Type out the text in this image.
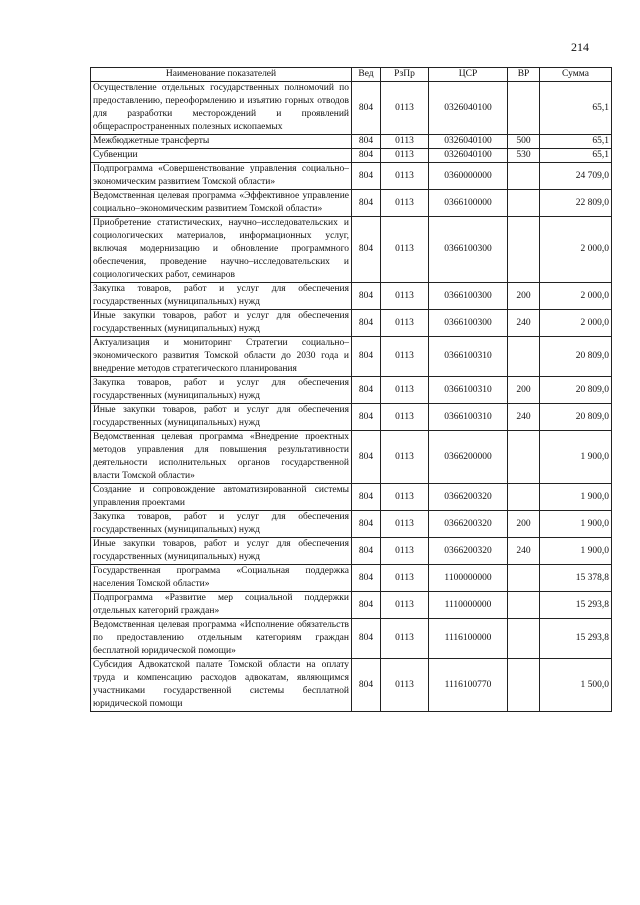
214
Наименование показателей	Вед	РзПр	ЦСР	ВР	Сумма
Осуществление отдельных государственных полномочий по предоставлению, переоформлению и изъятию горных отводов для разработки месторождений и проявлений общераспространенных полезных ископаемых	804	0113	0326040100		65,1
Межбюджетные трансферты	804	0113	0326040100	500	65,1
Субвенции	804	0113	0326040100	530	65,1
Подпрограмма «Совершенствование управления социально–экономическим развитием Томской области»	804	0113	0360000000		24 709,0
Ведомственная целевая программа «Эффективное управление социально–экономическим развитием Томской области»	804	0113	0366100000		22 809,0
Приобретение статистических, научно–исследовательских и социологических материалов, информационных услуг, включая модернизацию и обновление программного обеспечения, проведение научно–исследовательских и социологических работ, семинаров	804	0113	0366100300		2 000,0
Закупка товаров, работ и услуг для обеспечения государственных (муниципальных) нужд	804	0113	0366100300	200	2 000,0
Иные закупки товаров, работ и услуг для обеспечения государственных (муниципальных) нужд	804	0113	0366100300	240	2 000,0
Актуализация и мониторинг Стратегии социально–экономического развития Томской области до 2030 года и внедрение методов стратегического планирования	804	0113	0366100310		20 809,0
Закупка товаров, работ и услуг для обеспечения государственных (муниципальных) нужд	804	0113	0366100310	200	20 809,0
Иные закупки товаров, работ и услуг для обеспечения государственных (муниципальных) нужд	804	0113	0366100310	240	20 809,0
Ведомственная целевая программа «Внедрение проектных методов управления для повышения результативности деятельности исполнительных органов государственной власти Томской области»	804	0113	0366200000		1 900,0
Создание и сопровождение автоматизированной системы управления проектами	804	0113	0366200320		1 900,0
Закупка товаров, работ и услуг для обеспечения государственных (муниципальных) нужд	804	0113	0366200320	200	1 900,0
Иные закупки товаров, работ и услуг для обеспечения государственных (муниципальных) нужд	804	0113	0366200320	240	1 900,0
Государственная программа «Социальная поддержка населения Томской области»	804	0113	1100000000		15 378,8
Подпрограмма «Развитие мер социальной поддержки отдельных категорий граждан»	804	0113	1110000000		15 293,8
Ведомственная целевая программа «Исполнение обязательств по предоставлению отдельным категориям граждан бесплатной юридической помощи»	804	0113	1116100000		15 293,8
Субсидия Адвокатской палате Томской области на оплату труда и компенсацию расходов адвокатам, являющимся участниками государственной системы бесплатной юридической помощи	804	0113	1116100770		1 500,0
